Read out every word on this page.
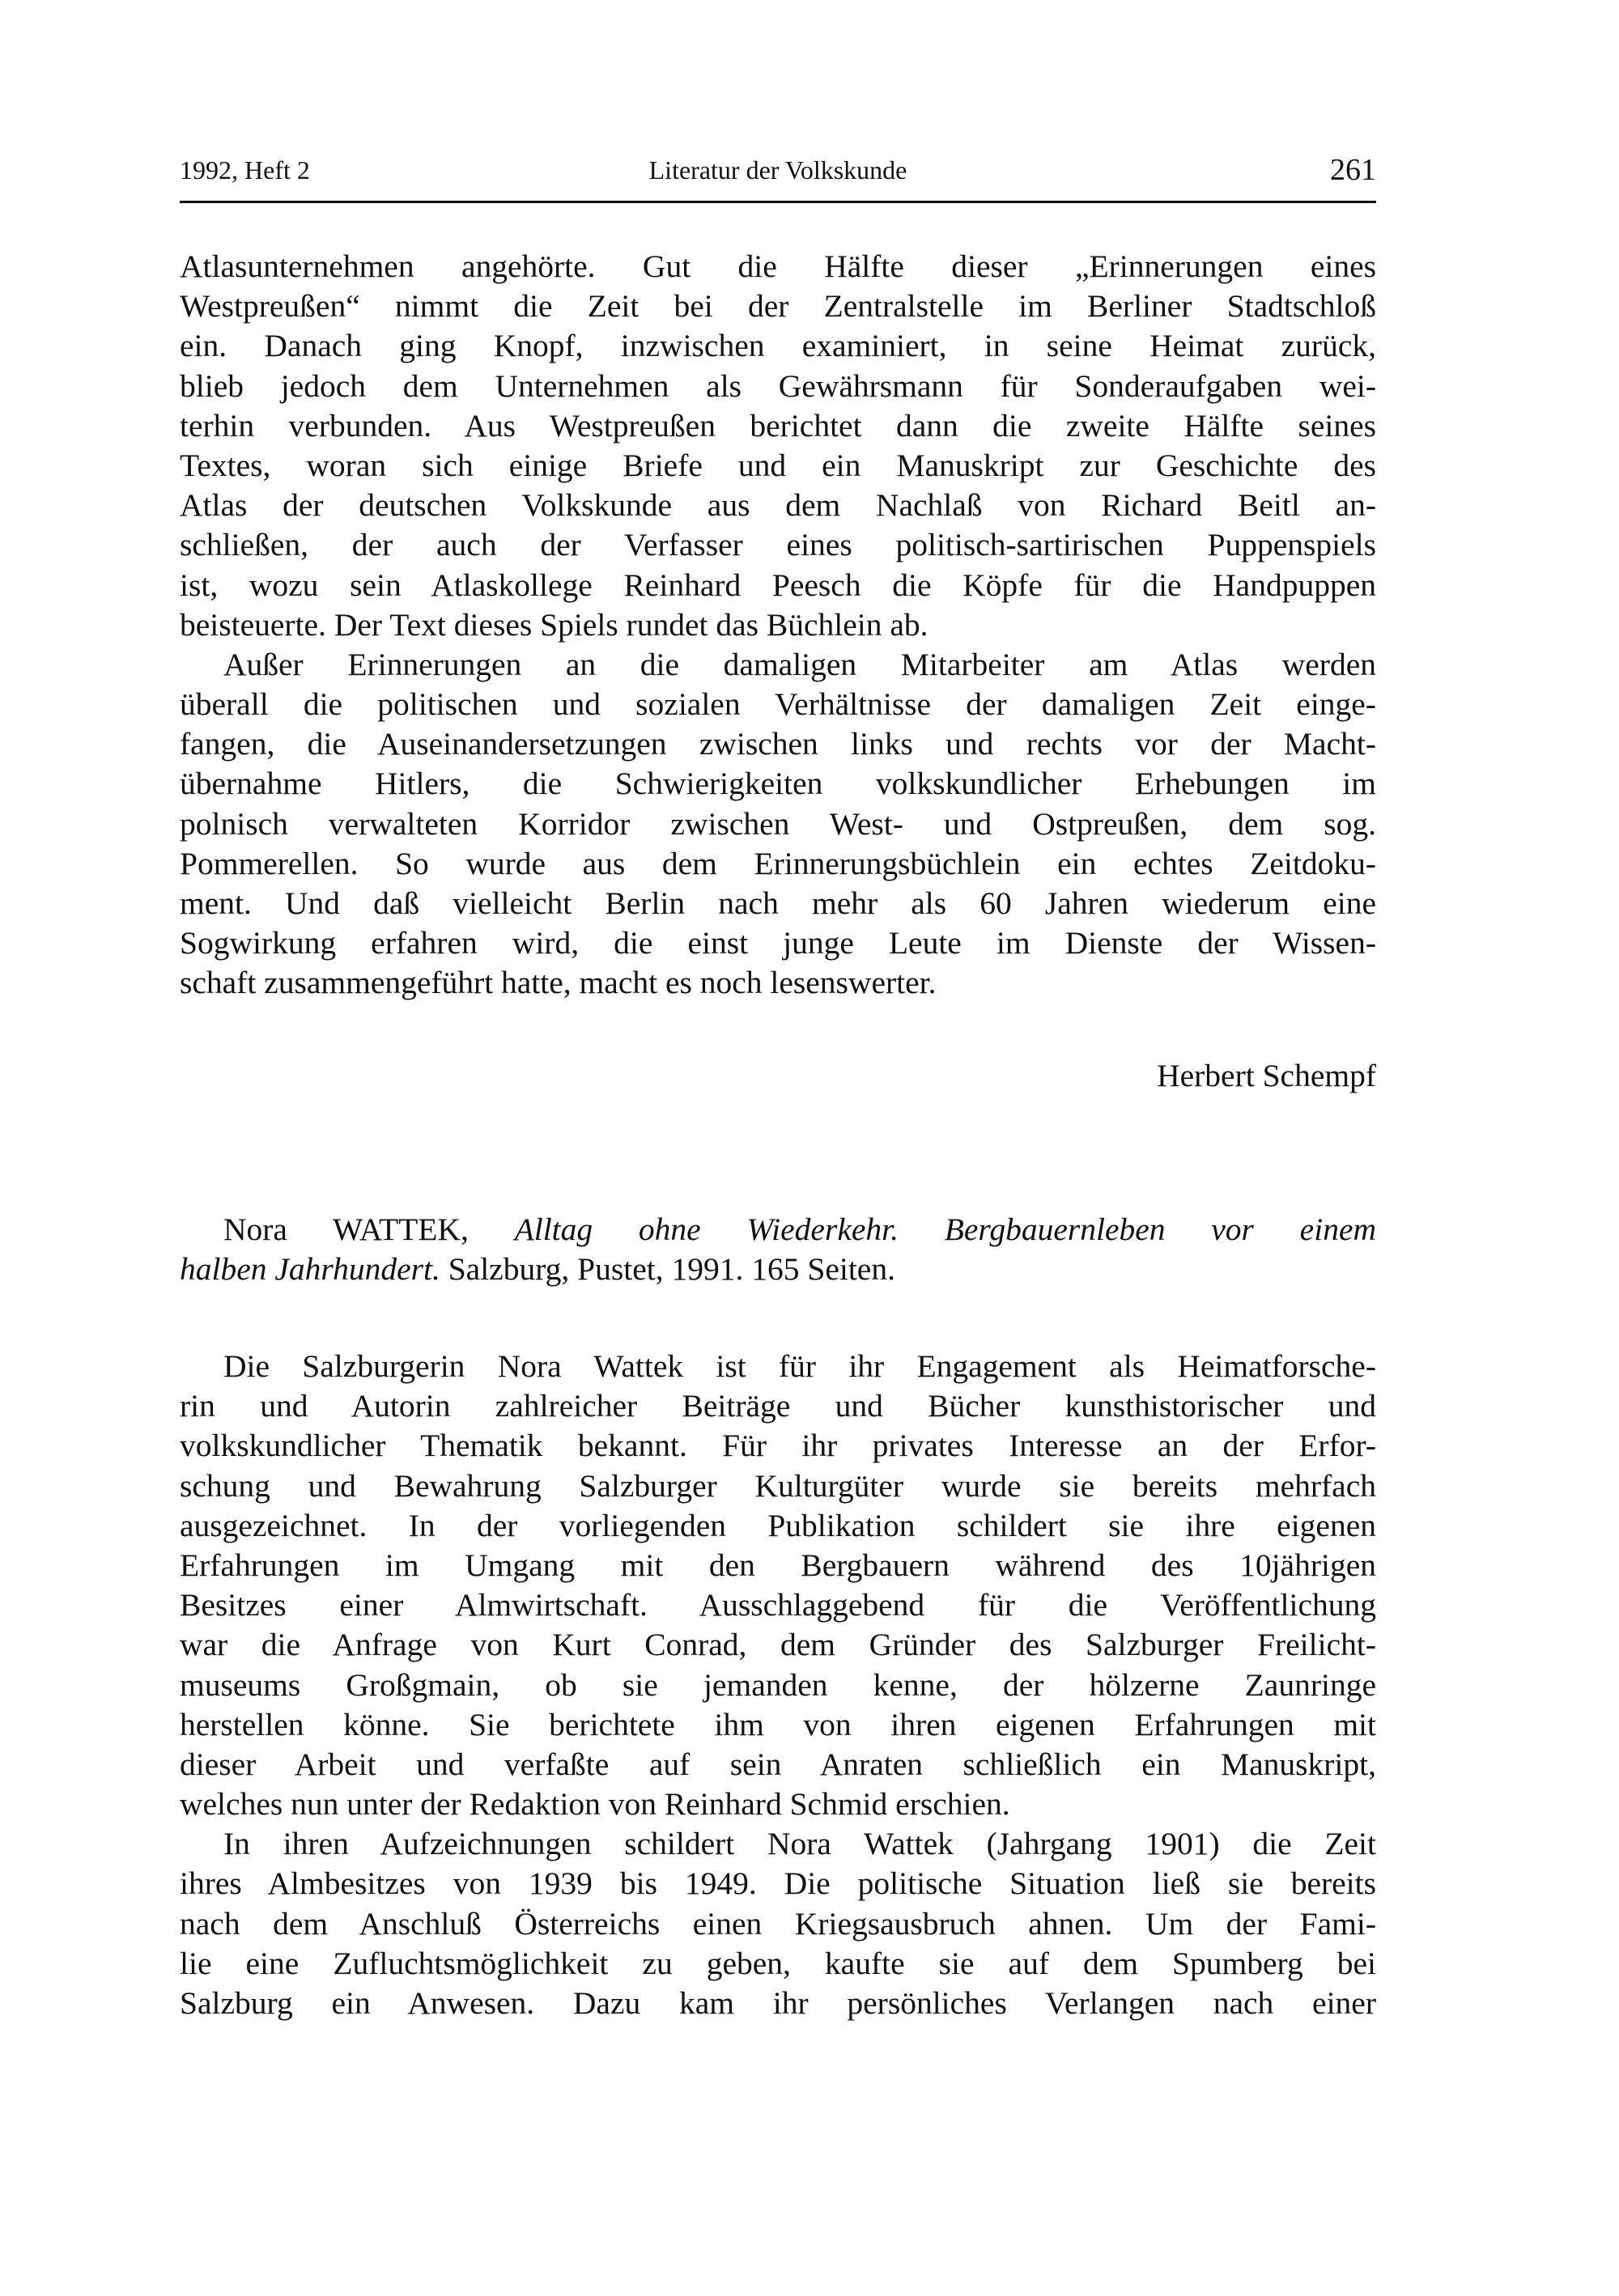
1992, Heft 2	Literatur der Volkskunde	261

Atlasunternehmen angehörte. Gut die Hälfte dieser „Erinnerungen eines
Westpreußen“ nimmt die Zeit bei der Zentralstelle im Berliner Stadtschloß
ein. Danach ging Knopf, inzwischen examiniert, in seine Heimat zurück,
blieb jedoch dem Unternehmen als Gewährsmann für Sonderaufgaben wei-
terhin verbunden. Aus Westpreußen berichtet dann die zweite Hälfte seines
Textes, woran sich einige Briefe und ein Manuskript zur Geschichte des
Atlas der deutschen Volkskunde aus dem Nachlaß von Richard Beitl an-
schließen, der auch der Verfasser eines politisch-sartirischen Puppenspiels
ist, wozu sein Atlaskollege Reinhard Peesch die Köpfe für die Handpuppen
beisteuerte. Der Text dieses Spiels rundet das Büchlein ab.

Außer Erinnerungen an die damaligen Mitarbeiter am Atlas werden
überall die politischen und sozialen Verhältnisse der damaligen Zeit einge-
fangen, die Auseinandersetzungen zwischen links und rechts vor der Macht-
übernahme Hitlers, die Schwierigkeiten volkskundlicher Erhebungen im
polnisch verwalteten Korridor zwischen West- und Ostpreußen, dem sog.
Pommerellen. So wurde aus dem Erinnerungsbüchlein ein echtes Zeitdoku-
ment. Und daß vielleicht Berlin nach mehr als 60 Jahren wiederum eine
Sogwirkung erfahren wird, die einst junge Leute im Dienste der Wissen-
schaft zusammengeführt hatte, macht es noch lesenswerter.

Herbert Schempf
Nora WATTEK, Alltag ohne Wiederkehr. Bergbauernleben vor einem
halben Jahrhundert. Salzburg, Pustet, 1991. 165 Seiten.

Die Salzburgerin Nora Wattek ist für ihr Engagement als Heimatforsche-
rin und Autorin zahlreicher Beiträge und Bücher kunsthistorischer und
volkskundlicher Thematik bekannt. Für ihr privates Interesse an der Erfor-
schung und Bewahrung Salzburger Kulturgüter wurde sie bereits mehrfach
ausgezeichnet. In der vorliegenden Publikation schildert sie ihre eigenen
Erfahrungen im Umgang mit den Bergbauern während des 10jährigen
Besitzes einer Almwirtschaft. Ausschlaggebend für die Veröffentlichung
war die Anfrage von Kurt Conrad, dem Gründer des Salzburger Freilicht-
museums Großgmain, ob sie jemanden kenne, der hölzerne Zaunringe
herstellen könne. Sie berichtete ihm von ihren eigenen Erfahrungen mit
dieser Arbeit und verfaßte auf sein Anraten schließlich ein Manuskript,
welches nun unter der Redaktion von Reinhard Schmid erschien.

In ihren Aufzeichnungen schildert Nora Wattek (Jahrgang 1901) die Zeit
ihres Almbesitzes von 1939 bis 1949. Die politische Situation ließ sie bereits
nach dem Anschluß Österreichs einen Kriegsausbruch ahnen. Um der Fami-
lie eine Zufluchtsmöglichkeit zu geben, kaufte sie auf dem Spumberg bei
Salzburg ein Anwesen. Dazu kam ihr persönliches Verlangen nach einer
